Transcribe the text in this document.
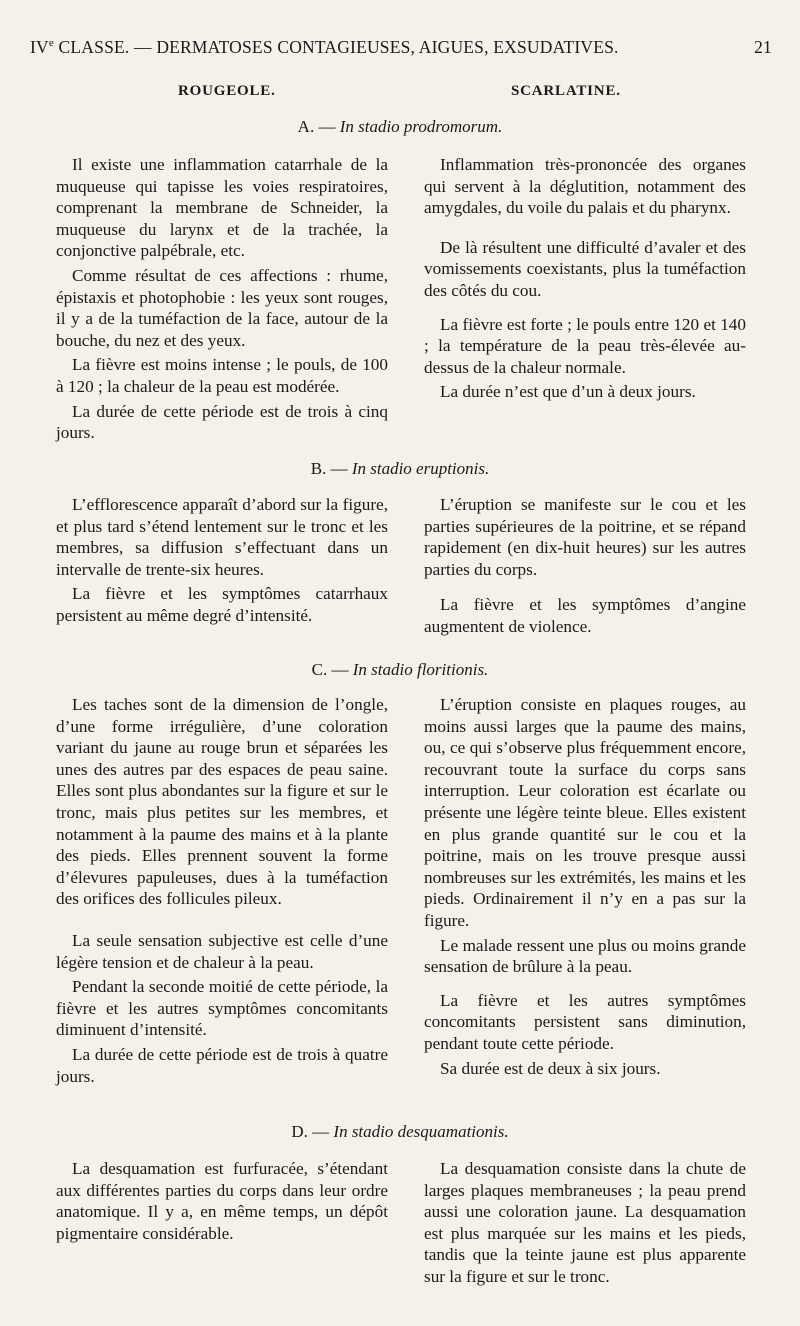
IVe CLASSE. — DERMATOSES CONTAGIEUSES, AIGUES, EXSUDATIVES.	21
ROUGEOLE.	SCARLATINE.
A. — In stadio prodromorum.

Il existe une inflammation catarrhale de la muqueuse qui tapisse les voies respiratoires, comprenant la membrane de Schneider, la muqueuse du larynx et de la trachée, la conjonctive palpébrale, etc.

Comme résultat de ces affections : rhume, épistaxis et photophobie : les yeux sont rouges, il y a de la tuméfaction de la face, autour de la bouche, du nez et des yeux.

La fièvre est moins intense ; le pouls, de 100 à 120 ; la chaleur de la peau est modérée.

La durée de cette période est de trois à cinq jours.

Inflammation très-prononcée des organes qui servent à la déglutition, notamment des amygdales, du voile du palais et du pharynx.

De là résultent une difficulté d’avaler et des vomissements coexistants, plus la tuméfaction des côtés du cou.

La fièvre est forte ; le pouls entre 120 et 140 ; la température de la peau très-élevée au-dessus de la chaleur normale.

La durée n’est que d’un à deux jours.

B. — In stadio eruptionis.

L’efflorescence apparaît d’abord sur la figure, et plus tard s’étend lentement sur le tronc et les membres, sa diffusion s’effectuant dans un intervalle de trente-six heures.

La fièvre et les symptômes catarrhaux persistent au même degré d’intensité.

L’éruption se manifeste sur le cou et les parties supérieures de la poitrine, et se répand rapidement (en dix-huit heures) sur les autres parties du corps.

La fièvre et les symptômes d’angine augmentent de violence.

C. — In stadio floritionis.

Les taches sont de la dimension de l’ongle, d’une forme irrégulière, d’une coloration variant du jaune au rouge brun et séparées les unes des autres par des espaces de peau saine. Elles sont plus abondantes sur la figure et sur le tronc, mais plus petites sur les membres, et notamment à la paume des mains et à la plante des pieds. Elles prennent souvent la forme d’élevures papuleuses, dues à la tuméfaction des orifices des follicules pileux.

La seule sensation subjective est celle d’une légère tension et de chaleur à la peau.

Pendant la seconde moitié de cette période, la fièvre et les autres symptômes concomitants diminuent d’intensité.

La durée de cette période est de trois à quatre jours.

L’éruption consiste en plaques rouges, au moins aussi larges que la paume des mains, ou, ce qui s’observe plus fréquemment encore, recouvrant toute la surface du corps sans interruption. Leur coloration est écarlate ou présente une légère teinte bleue. Elles existent en plus grande quantité sur le cou et la poitrine, mais on les trouve presque aussi nombreuses sur les extrémités, les mains et les pieds. Ordinairement il n’y en a pas sur la figure.

Le malade ressent une plus ou moins grande sensation de brûlure à la peau.

La fièvre et les autres symptômes concomitants persistent sans diminution, pendant toute cette période.

Sa durée est de deux à six jours.

D. — In stadio desquamationis.

La desquamation est furfuracée, s’étendant aux différentes parties du corps dans leur ordre anatomique. Il y a, en même temps, un dépôt pigmentaire considérable.

La desquamation consiste dans la chute de larges plaques membraneuses ; la peau prend aussi une coloration jaune. La desquamation est plus marquée sur les mains et les pieds, tandis que la teinte jaune est plus apparente sur la figure et sur le tronc.
